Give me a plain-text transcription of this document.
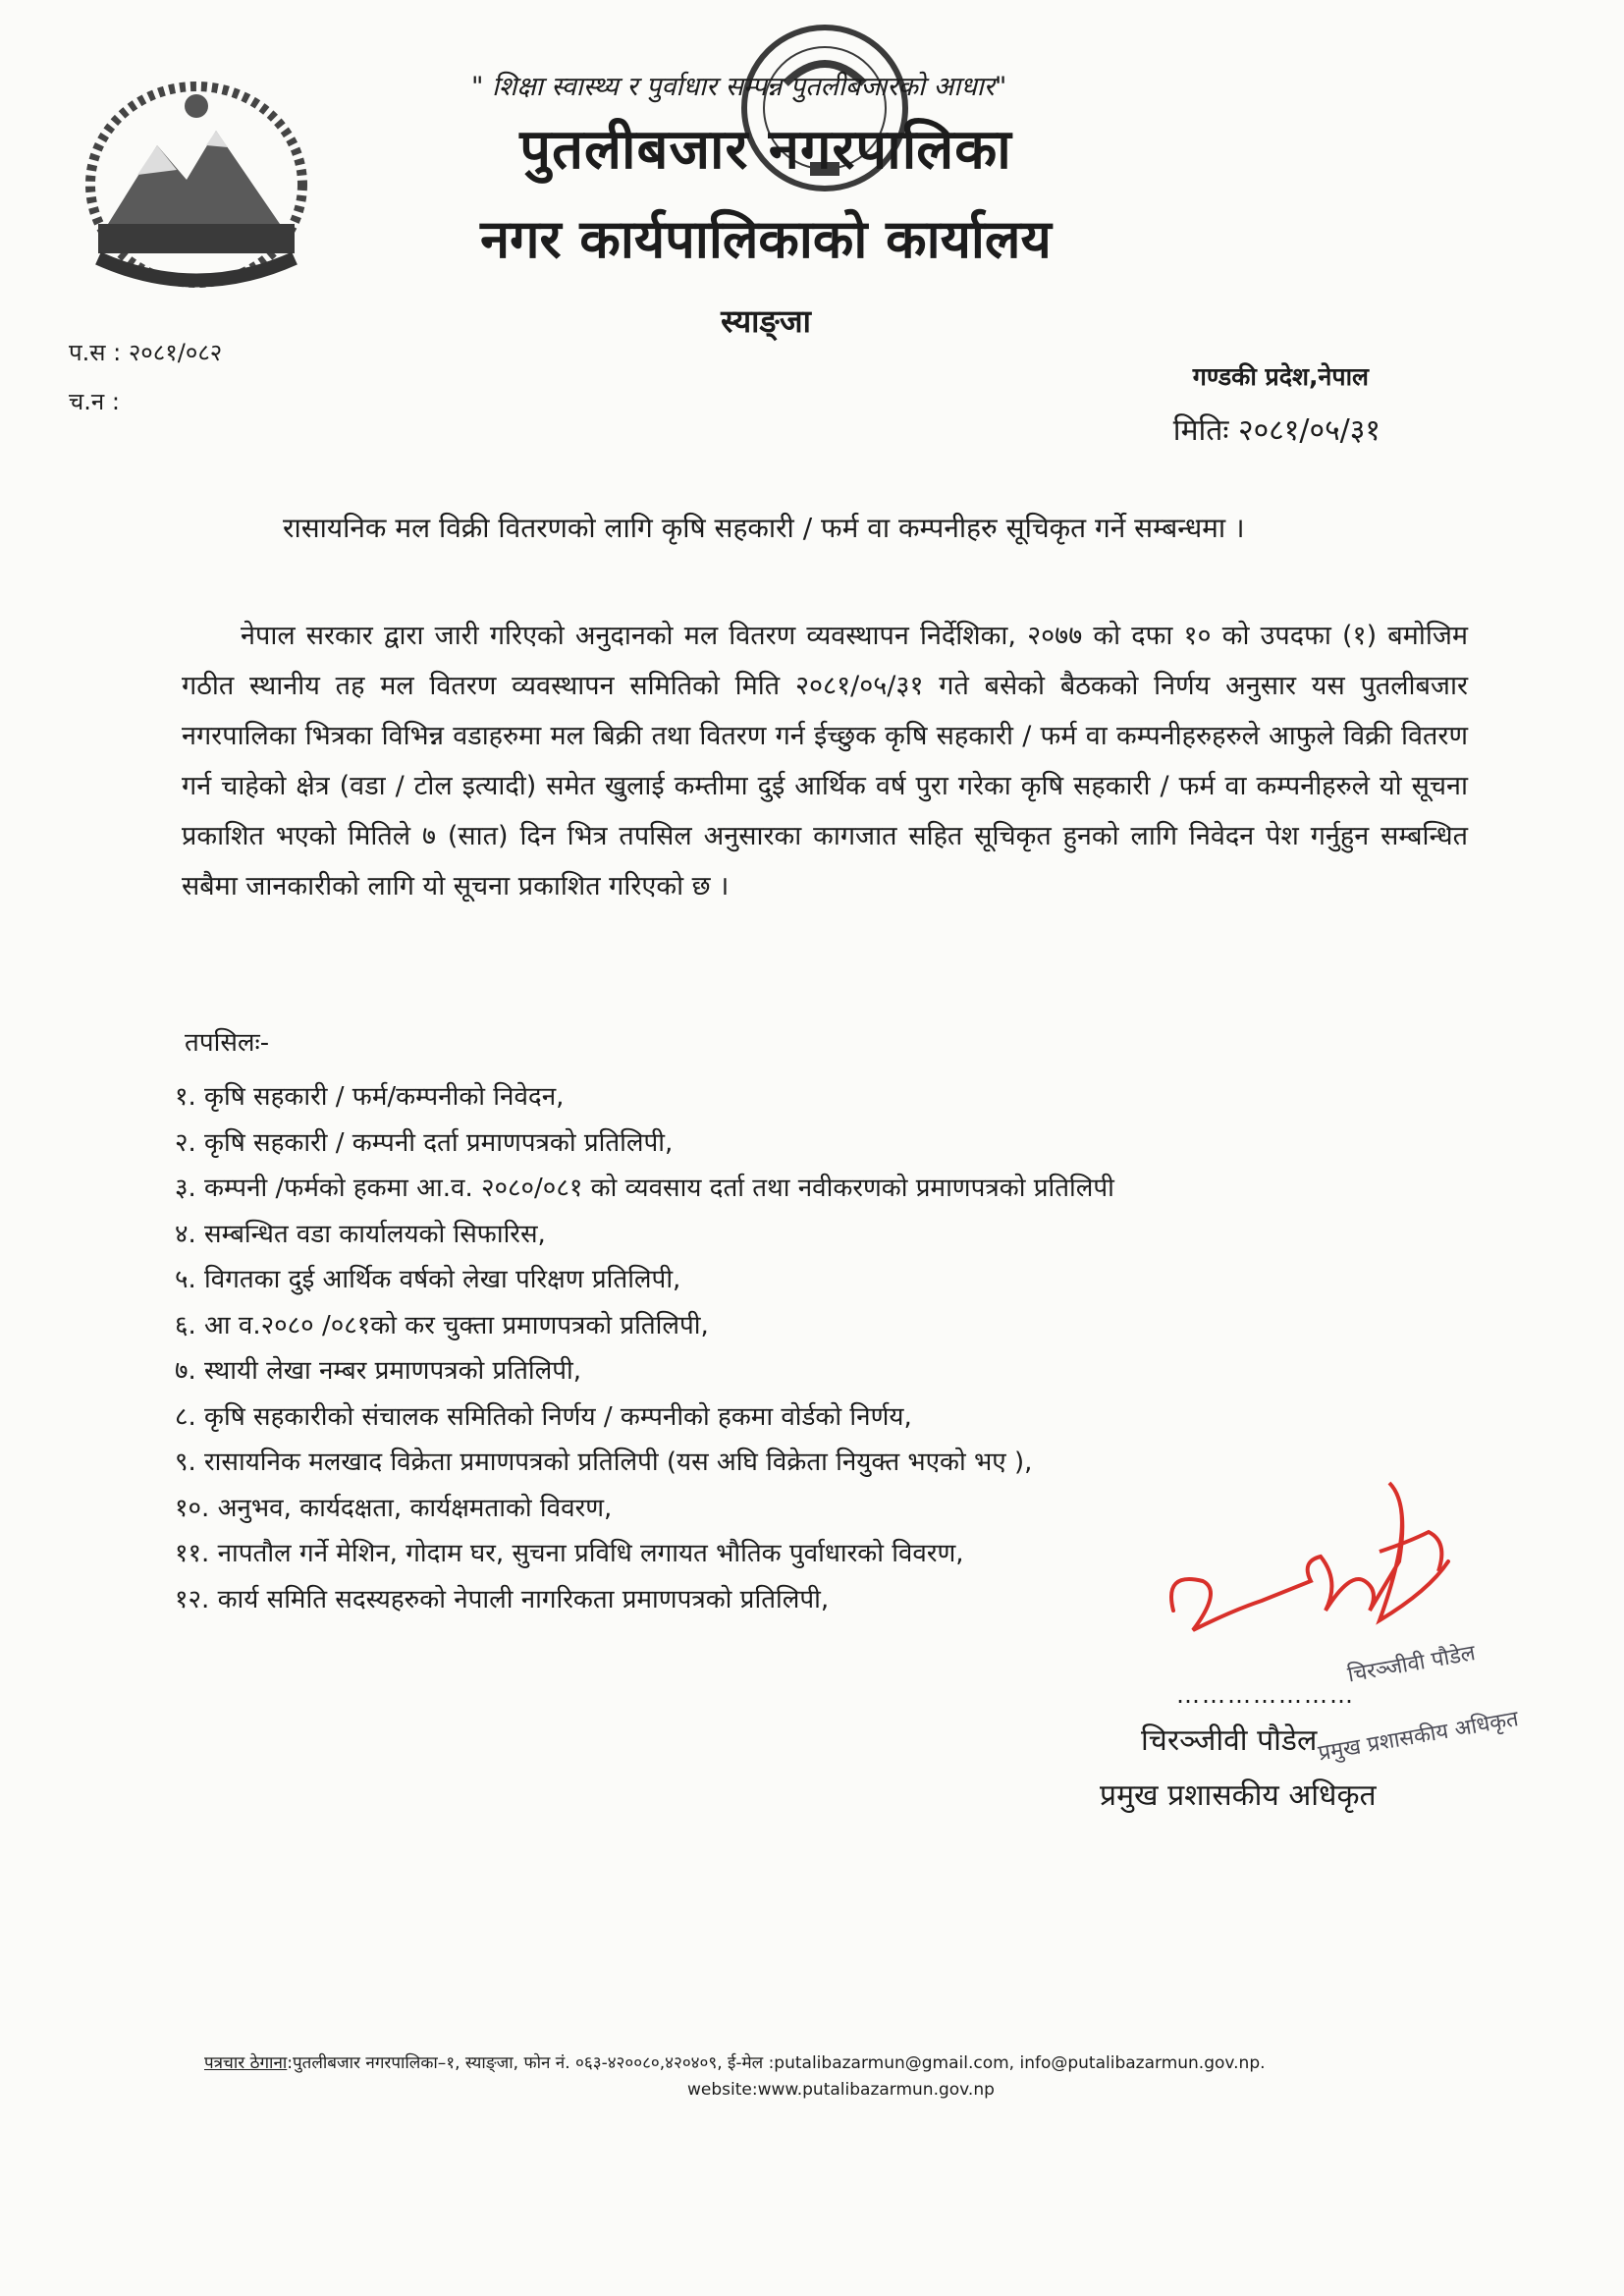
" शिक्षा स्वास्थ्य र पुर्वाधार सम्पन्न पुतलीबजारको आधार"
पुतलीबजार नगरपालिका
नगर कार्यपालिकाको कार्यालय
स्याङ्जा
प.स : २०८१/०८२
च.न :
गण्डकी प्रदेश,नेपाल
मितिः २०८१/०५/३१
रासायनिक मल विक्री वितरणको लागि कृषि सहकारी / फर्म वा कम्पनीहरु सूचिकृत गर्ने सम्बन्धमा ।
नेपाल सरकार द्वारा जारी गरिएको अनुदानको मल वितरण व्यवस्थापन निर्देशिका, २०७७ को दफा १० को उपदफा (१) बमोजिम गठीत स्थानीय तह मल वितरण व्यवस्थापन समितिको मिति २०८१/०५/३१ गते बसेको बैठकको निर्णय अनुसार यस पुतलीबजार नगरपालिका भित्रका विभिन्न वडाहरुमा मल बिक्री तथा वितरण गर्न ईच्छुक कृषि सहकारी / फर्म वा कम्पनीहरुहरुले आफुले विक्री वितरण गर्न चाहेको क्षेत्र (वडा / टोल इत्यादी) समेत खुलाई कम्तीमा दुई आर्थिक वर्ष पुरा गरेका कृषि सहकारी / फर्म वा कम्पनीहरुले यो सूचना प्रकाशित भएको मितिले ७ (सात) दिन भित्र तपसिल अनुसारका कागजात सहित सूचिकृत हुनको लागि निवेदन पेश गर्नुहुन सम्बन्धित सबैमा जानकारीको लागि यो सूचना प्रकाशित गरिएको छ ।
तपसिलः-
१. कृषि सहकारी / फर्म/कम्पनीको निवेदन,
२. कृषि सहकारी / कम्पनी दर्ता प्रमाणपत्रको प्रतिलिपी,
३. कम्पनी /फर्मको हकमा आ.व. २०८०/०८१ को व्यवसाय दर्ता तथा नवीकरणको प्रमाणपत्रको प्रतिलिपी
४. सम्बन्धित वडा कार्यालयको सिफारिस,
५. विगतका दुई आर्थिक वर्षको लेखा परिक्षण प्रतिलिपी,
६. आ व.२०८० /०८१को कर चुक्ता प्रमाणपत्रको प्रतिलिपी,
७. स्थायी लेखा नम्बर प्रमाणपत्रको प्रतिलिपी,
८. कृषि सहकारीको संचालक समितिको निर्णय / कम्पनीको हकमा वोर्डको निर्णय,
९. रासायनिक मलखाद विक्रेता प्रमाणपत्रको प्रतिलिपी (यस अघि विक्रेता नियुक्त भएको भए ),
१०. अनुभव, कार्यदक्षता, कार्यक्षमताको विवरण,
११. नापतौल गर्ने मेशिन, गोदाम घर, सुचना प्रविधि लगायत भौतिक पुर्वाधारको विवरण,
१२. कार्य समिति सदस्यहरुको नेपाली नागरिकता प्रमाणपत्रको प्रतिलिपी,
चिरञ्जीवी पौडेल
प्रमुख प्रशासकीय अधिकृत
…………………
चिरञ्जीवी पौडेल
प्रमुख प्रशासकीय अधिकृत
पत्रचार ठेगाना:पुतलीबजार नगरपालिका–१, स्याङ्जा, फोन नं. ०६३-४२००८०,४२०४०९, ई-मेल :putalibazarmun@gmail.com, info@putalibazarmun.gov.np.
website:www.putalibazarmun.gov.np
